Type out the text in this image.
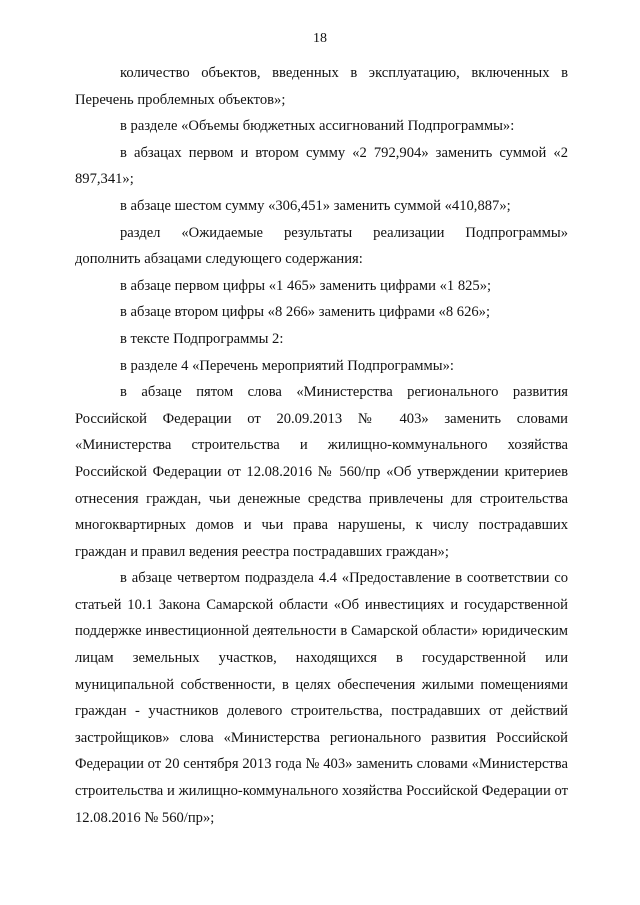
18

количество объектов, введенных в эксплуатацию, включенных в Перечень проблемных объектов»;

в разделе «Объемы бюджетных ассигнований Подпрограммы»:

в абзацах первом и втором сумму «2 792,904» заменить суммой «2 897,341»;

в абзаце шестом сумму «306,451» заменить суммой «410,887»;

раздел «Ожидаемые результаты реализации Подпрограммы» дополнить абзацами следующего содержания:

в абзаце первом цифры «1 465» заменить цифрами «1 825»;

в абзаце втором цифры «8 266» заменить цифрами «8 626»;

в тексте Подпрограммы 2:

в разделе 4 «Перечень мероприятий Подпрограммы»:

в абзаце пятом слова «Министерства регионального развития Российской Федерации от 20.09.2013 № 403» заменить словами «Министерства строительства и жилищно-коммунального хозяйства Российской Федерации от 12.08.2016 № 560/пр «Об утверждении критериев отнесения граждан, чьи денежные средства привлечены для строительства многоквартирных домов и чьи права нарушены, к числу пострадавших граждан и правил ведения реестра пострадавших граждан»;

в абзаце четвертом подраздела 4.4 «Предоставление в соответствии со статьей 10.1 Закона Самарской области «Об инвестициях и государственной поддержке инвестиционной деятельности в Самарской области» юридическим лицам земельных участков, находящихся в государственной или муниципальной собственности, в целях обеспечения жилыми помещениями граждан - участников долевого строительства, пострадавших от действий застройщиков» слова «Министерства регионального развития Российской Федерации от 20 сентября 2013 года № 403» заменить словами «Министерства строительства и жилищно-коммунального хозяйства Российской Федерации от 12.08.2016 № 560/пр»;
